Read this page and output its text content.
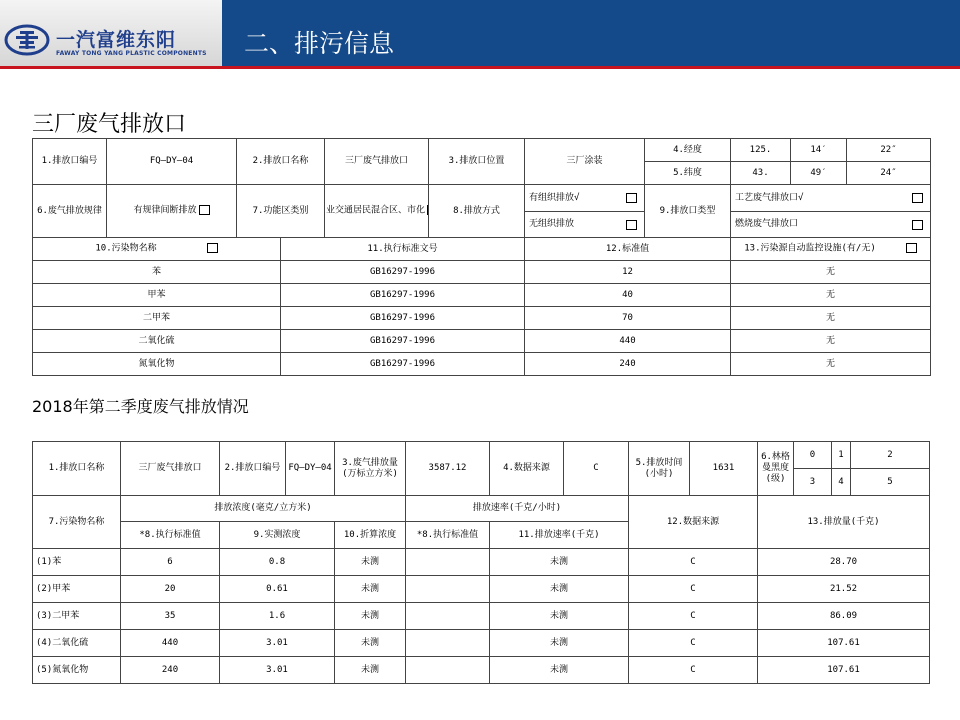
一汽富维东阳
FAWAY TONG YANG PLASTIC COMPONENTS 二、排污信息
三厂废气排放口
1.排放口编号	FQ—DY—04	2.排放口名称		三厂废气排放口	3.排放口位置	三厂涂装	4.经度	125.	14′	22″
							5.纬度	43.	49′	24″
6.废气排放规律	有规律间断排放	7.功能区类别		业交通居民混合区、市化	8.排放方式	有组织排放√	9.排放口类型	工艺废气排放口√		

						无组织排放		燃烧废气排放口		

10.污染物名称			11.执行标准文号			12.标准值		13.污染源自动监控设施(有/无)		
苯			GB16297-1996			12		无		
甲苯			GB16297-1996			40		无		
二甲苯			GB16297-1996			70		无		
二氧化硫			GB16297-1996			440		无		
氮氧化物			GB16297-1996			240		无		
2018年第二季度废气排放情况
1.排放口名称	三厂废气排放口	2.排放口编号	FQ—DY—04	3.废气排放量(万标立方米)	3587.12	4.数据来源	C	5.排放时间(小时)	1631	6.林格曼黑度(级)	0	1	2
											3	4	5
7.污染物名称	排放浓度(毫克/立方米)				排放速率(千克/小时)			12.数据来源		13.排放量(千克)			
	*8.执行标准值	9.实测浓度		10.折算浓度	*8.执行标准值	11.排放速率(千克)							
(1)苯	6	0.8		未测		未测		C		28.70			
(2)甲苯	20	0.61		未测		未测		C		21.52			
(3)二甲苯	35	1.6		未测		未测		C		86.09			
(4)二氧化硫	440	3.01		未测		未测		C		107.61			
(5)氮氧化物	240	3.01		未测		未测		C		107.61			
